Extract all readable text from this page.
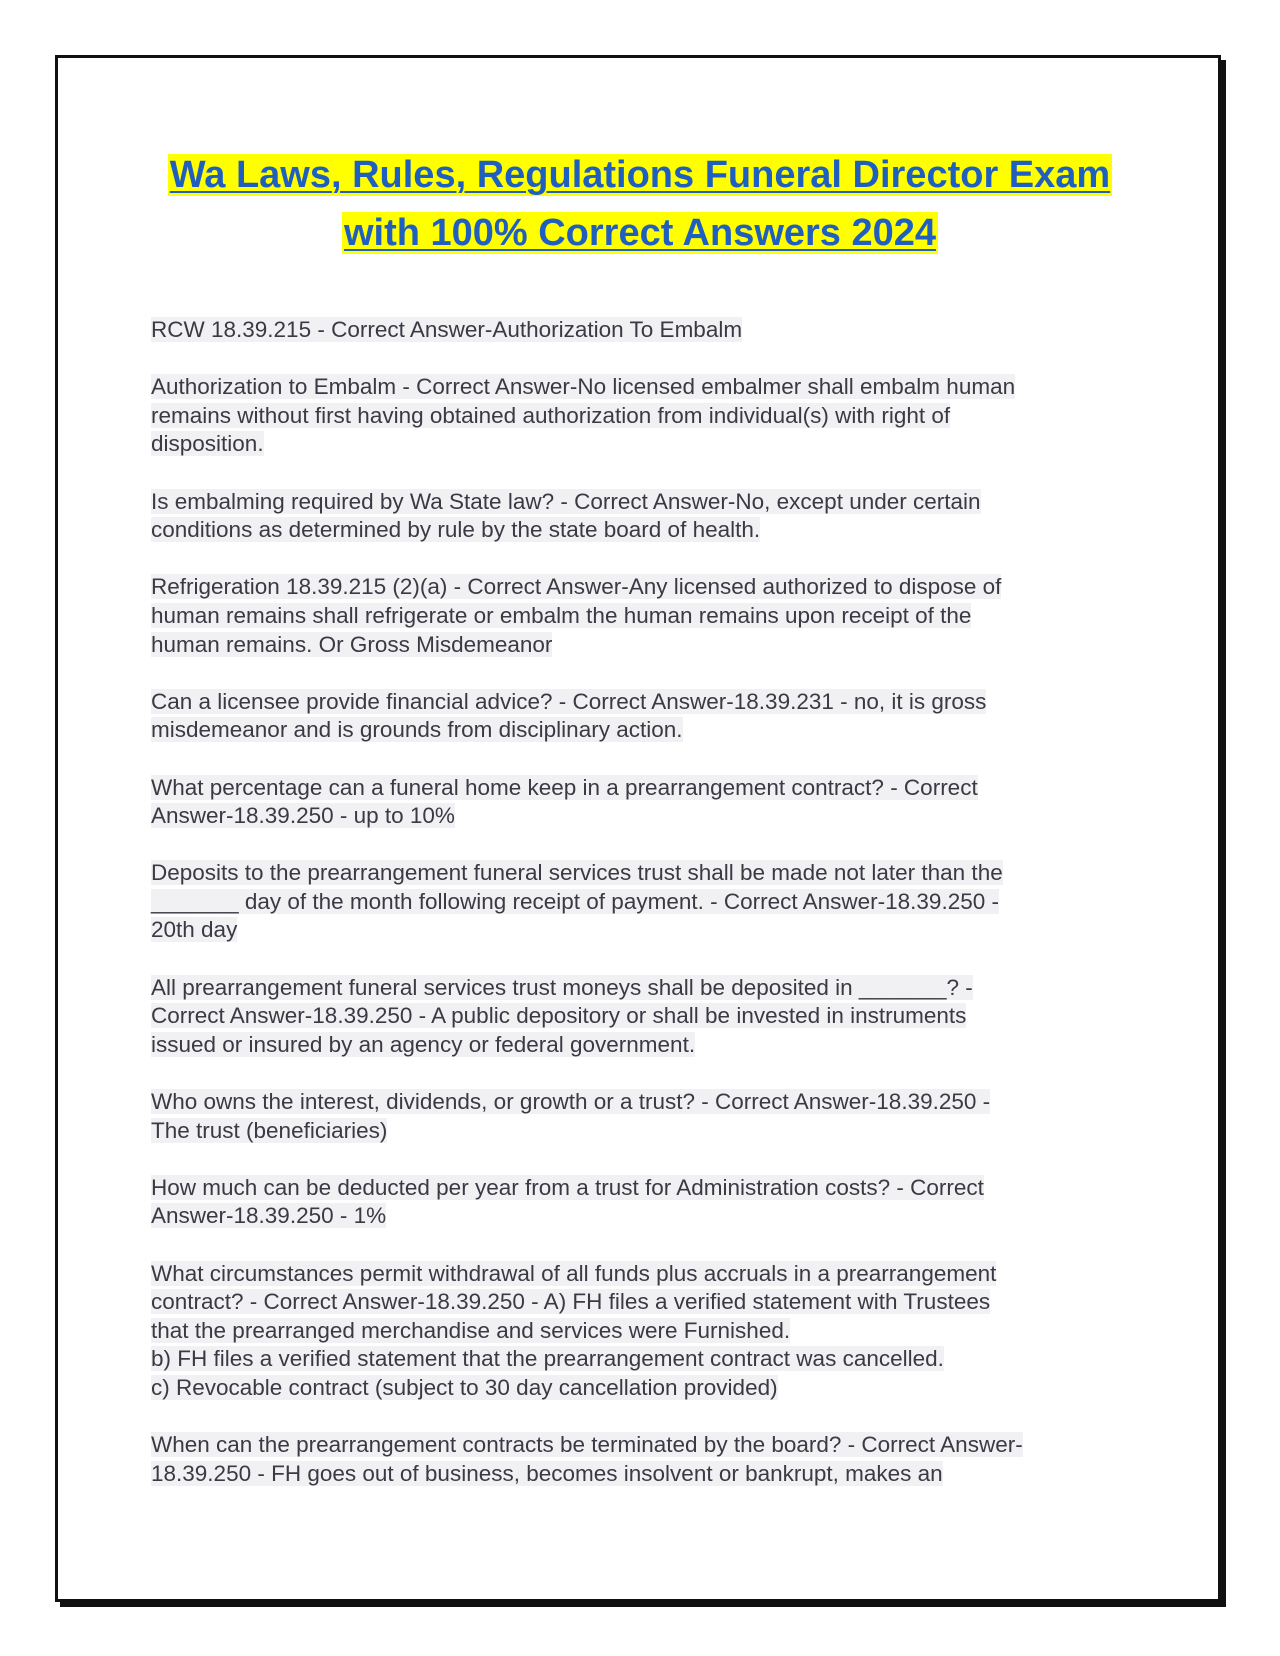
Wa Laws, Rules, Regulations Funeral Director Exam
with 100% Correct Answers 2024

RCW 18.39.215 - Correct Answer-Authorization To Embalm

Authorization to Embalm - Correct Answer-No licensed embalmer shall embalm human
remains without first having obtained authorization from individual(s) with right of
disposition.

Is embalming required by Wa State law? - Correct Answer-No, except under certain
conditions as determined by rule by the state board of health.

Refrigeration 18.39.215 (2)(a) - Correct Answer-Any licensed authorized to dispose of
human remains shall refrigerate or embalm the human remains upon receipt of the
human remains. Or Gross Misdemeanor

Can a licensee provide financial advice? - Correct Answer-18.39.231 - no, it is gross
misdemeanor and is grounds from disciplinary action.

What percentage can a funeral home keep in a prearrangement contract? - Correct
Answer-18.39.250 - up to 10%

Deposits to the prearrangement funeral services trust shall be made not later than the
_______ day of the month following receipt of payment. - Correct Answer-18.39.250 -
20th day

All prearrangement funeral services trust moneys shall be deposited in _______? -
Correct Answer-18.39.250 - A public depository or shall be invested in instruments
issued or insured by an agency or federal government.

Who owns the interest, dividends, or growth or a trust? - Correct Answer-18.39.250 -
The trust (beneficiaries)

How much can be deducted per year from a trust for Administration costs? - Correct
Answer-18.39.250 - 1%

What circumstances permit withdrawal of all funds plus accruals in a prearrangement
contract? - Correct Answer-18.39.250 - A) FH files a verified statement with Trustees
that the prearranged merchandise and services were Furnished.
b) FH files a verified statement that the prearrangement contract was cancelled.
c) Revocable contract (subject to 30 day cancellation provided)

When can the prearrangement contracts be terminated by the board? - Correct Answer-
18.39.250 - FH goes out of business, becomes insolvent or bankrupt, makes an
